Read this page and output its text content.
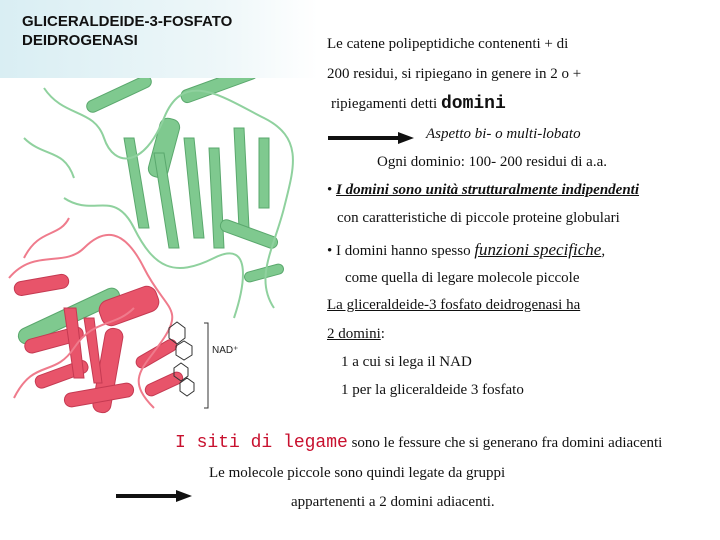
GLICERALDEIDE-3-FOSFATO
DEIDROGENASI
NAD⁺
Le catene polipeptidiche contenenti + di
200 residui, si ripiegano in genere in 2 o +
ripiegamenti detti domini
Aspetto bi- o multi-lobato
Ogni dominio: 100- 200 residui di a.a.
• I domini sono unità strutturalmente indipendenti
con caratteristiche di piccole proteine globulari
• I domini hanno spesso funzioni specifiche,
come quella di legare molecole piccole
La gliceraldeide-3 fosfato deidrogenasi ha
2 domini:
1 a cui si lega il NAD
1 per la gliceraldeide 3 fosfato
I siti di legame sono le fessure che si generano fra domini adiacenti
Le molecole piccole sono quindi legate da gruppi
appartenenti a 2 domini adiacenti.
